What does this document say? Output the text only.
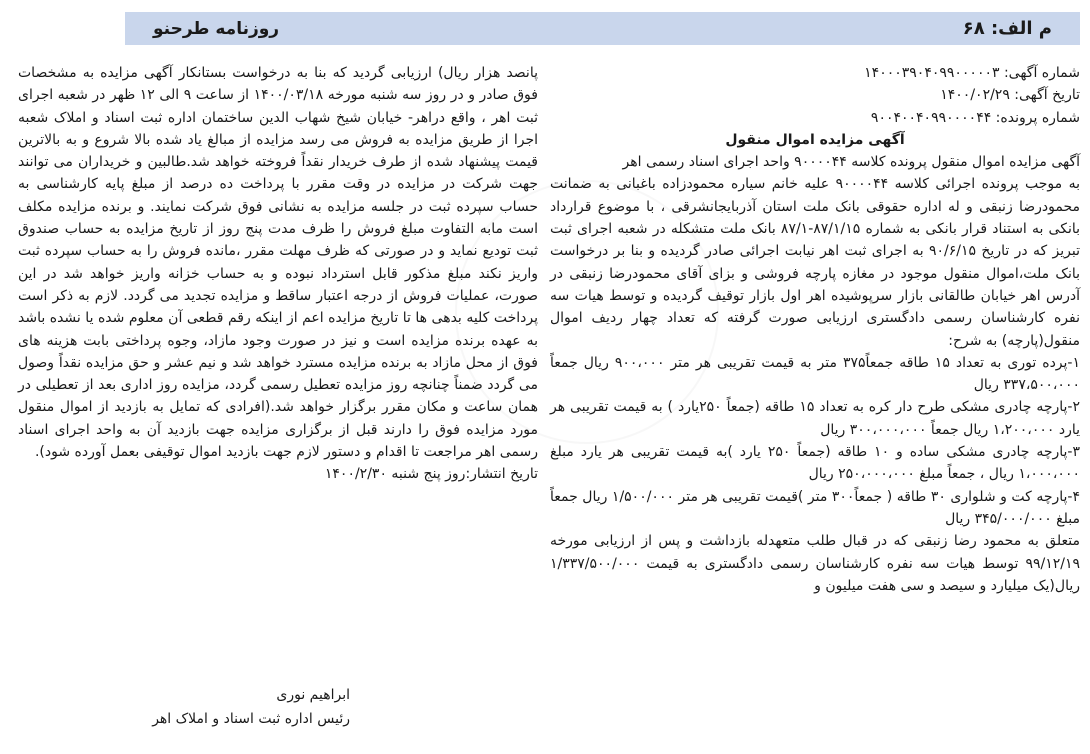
م الف: ۶۸
روزنامه طرحنو

شماره آگهی: ۱۴۰۰۰۳۹۰۴۰۹۹۰۰۰۰۰۳

تاریخ آگهی: ۱۴۰۰/۰۲/۲۹

شماره پرونده: ۹۰۰۴۰۰۴۰۹۹۰۰۰۰۴۴

آگهی مزایده اموال منقول

آگهی مزایده اموال منقول پرونده کلاسه ۹۰۰۰۰۴۴ واحد اجرای اسناد رسمی اهر

به موجب پرونده اجرائی کلاسه ۹۰۰۰۰۴۴ علیه خانم سیاره محمودزاده باغبانی به ضمانت محمودرضا زنبقی و له اداره حقوقی بانک ملت استان آذربایجانشرقی ، با موضوع قرارداد بانکی به استناد قرار بانکی به شماره ۸۷/۱/۱۵-۸۷/۱ بانک ملت متشکله در شعبه اجرای ثبت تبریز که در تاریخ ۹۰/۶/۱۵ به اجرای ثبت اهر نیابت اجرائی صادر گردیده و بنا بر درخواست بانک ملت،اموال منقول موجود در مغازه پارچه فروشی و بزای آقای محمودرضا زنبقی در آدرس اهر خیابان طالقانی بازار سرپوشیده اهر اول بازار توقیف گردیده و توسط هیات سه نفره کارشناسان رسمی دادگستری ارزیابی صورت گرفته که تعداد چهار ردیف اموال منقول(پارچه) به شرح:

۱-پرده توری به تعداد ۱۵ طاقه جمعاً۳۷۵ متر به قیمت تقریبی هر متر ۹۰۰،۰۰۰ ریال جمعاً ۳۳۷،۵۰۰،۰۰۰ ریال

۲-پارچه چادری مشکی طرح دار کره به تعداد ۱۵ طاقه (جمعاً ۲۵۰یارد ) به قیمت تقریبی هر یارد ۱،۲۰۰،۰۰۰ ریال جمعاً ۳۰۰،۰۰۰،۰۰۰ ریال

۳-پارچه چادری مشکی ساده و ۱۰ طاقه (جمعاً ۲۵۰ یارد )به قیمت تقریبی هر یارد مبلغ ۱،۰۰۰،۰۰۰ ریال ، جمعاً مبلغ ۲۵۰،۰۰۰،۰۰۰ ریال

۴-پارچه کت و شلواری ۳۰ طاقه ( جمعاً۳۰۰ متر )قیمت تقریبی هر متر ۱/۵۰۰/۰۰۰ ریال جمعاً مبلغ ۳۴۵/۰۰۰/۰۰۰ ریال

متعلق به محمود رضا زنبقی که در قبال طلب متعهدله بازداشت و پس از ارزیابی مورخه ۹۹/۱۲/۱۹ توسط هیات سه نفره کارشناسان رسمی دادگستری به قیمت ۱/۳۳۷/۵۰۰/۰۰۰ ریال(یک میلیارد و سیصد و سی هفت میلیون و

پانصد هزار ریال) ارزیابی گردید که بنا به درخواست بستانکار آگهی مزایده به مشخصات فوق صادر و در روز سه شنبه مورخه ۱۴۰۰/۰۳/۱۸ از ساعت ۹ الی ۱۲ ظهر در شعبه اجرای ثبت اهر ، واقع دراهر- خیابان شیخ شهاب الدین ساختمان اداره ثبت اسناد و املاک شعبه اجرا از طریق مزایده به فروش می رسد مزایده از مبالغ یاد شده بالا شروع و به بالاترین قیمت پیشنهاد شده از طرف خریدار نقداً فروخته خواهد شد.طالبین و خریداران می توانند جهت شرکت در مزایده در وقت مقرر با پرداخت ده درصد از مبلغ پایه کارشناسی به حساب سپرده ثبت در جلسه مزایده به نشانی فوق شرکت نمایند. و برنده مزایده مکلف است مابه التفاوت مبلغ فروش را ظرف مدت پنج روز از تاریخ مزایده به حساب صندوق ثبت تودیع نماید و در صورتی که ظرف مهلت مقرر ،مانده فروش را به حساب سپرده ثبت واریز نکند مبلغ مذکور قابل استرداد نبوده و به حساب خزانه واریز خواهد شد در این صورت، عملیات فروش از درجه اعتبار ساقط و مزایده تجدید می گردد. لازم به ذکر است پرداخت کلیه بدهی ها تا تاریخ مزایده اعم از اینکه رقم قطعی آن معلوم شده یا نشده باشد به عهده برنده مزایده است و نیز در صورت وجود مازاد، وجوه پرداختی بابت هزینه های فوق از محل مازاد به برنده مزایده مسترد خواهد شد و نیم عشر و حق مزایده نقداً وصول می گردد ضمناً چنانچه روز مزایده تعطیل رسمی گردد، مزایده روز اداری بعد از تعطیلی در همان ساعت و مکان مقرر برگزار خواهد شد.(افرادی که تمایل به بازدید از اموال منقول مورد مزایده فوق را دارند قبل از برگزاری مزایده جهت بازدید آن به واحد اجرای اسناد رسمی اهر مراجعت تا اقدام و دستور لازم جهت بازدید اموال توقیفی بعمل آورده شود).

تاریخ انتشار:روز پنج شنبه ۱۴۰۰/۲/۳۰

ابراهیم نوری
رئیس اداره ثبت اسناد و املاک اهر
